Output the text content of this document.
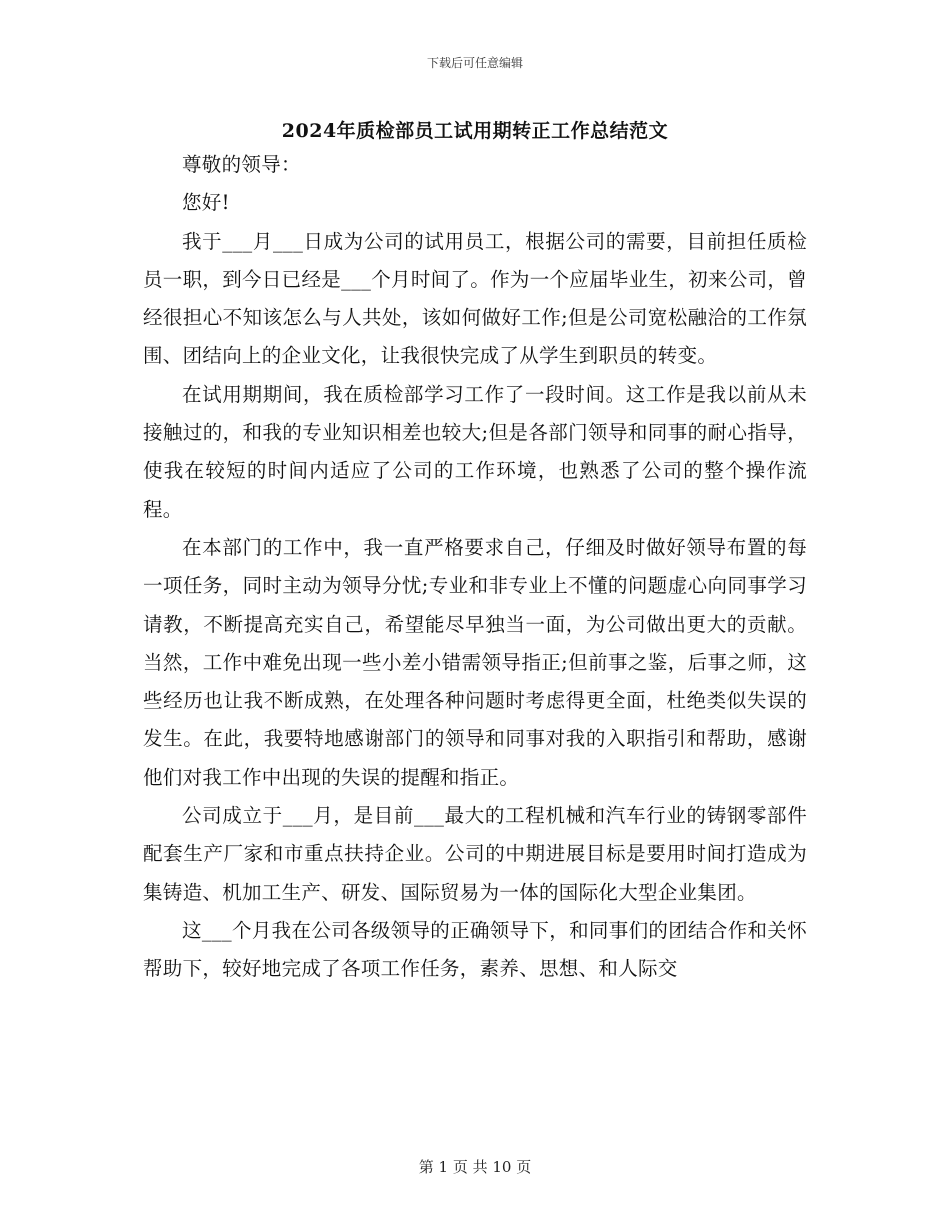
下载后可任意编辑
2024年质检部员工试用期转正工作总结范文

尊敬的领导：

您好!

我于___月___日成为公司的试用员工，根据公司的需要，目前担任质检员一职，到今日已经是___个月时间了。作为一个应届毕业生，初来公司，曾经很担心不知该怎么与人共处，该如何做好工作;但是公司宽松融洽的工作氛围、团结向上的企业文化，让我很快完成了从学生到职员的转变。

在试用期期间，我在质检部学习工作了一段时间。这工作是我以前从未接触过的，和我的专业知识相差也较大;但是各部门领导和同事的耐心指导，使我在较短的时间内适应了公司的工作环境，也熟悉了公司的整个操作流程。

在本部门的工作中，我一直严格要求自己，仔细及时做好领导布置的每一项任务，同时主动为领导分忧;专业和非专业上不懂的问题虚心向同事学习请教，不断提高充实自己，希望能尽早独当一面，为公司做出更大的贡献。当然，工作中难免出现一些小差小错需领导指正;但前事之鉴，后事之师，这些经历也让我不断成熟，在处理各种问题时考虑得更全面，杜绝类似失误的发生。在此，我要特地感谢部门的领导和同事对我的入职指引和帮助，感谢他们对我工作中出现的失误的提醒和指正。

公司成立于___月，是目前___最大的工程机械和汽车行业的铸钢零部件配套生产厂家和市重点扶持企业。公司的中期进展目标是要用时间打造成为集铸造、机加工生产、研发、国际贸易为一体的国际化大型企业集团。

这___个月我在公司各级领导的正确领导下，和同事们的团结合作和关怀帮助下，较好地完成了各项工作任务，素养、思想、和人际交

第 1 页 共 10 页
